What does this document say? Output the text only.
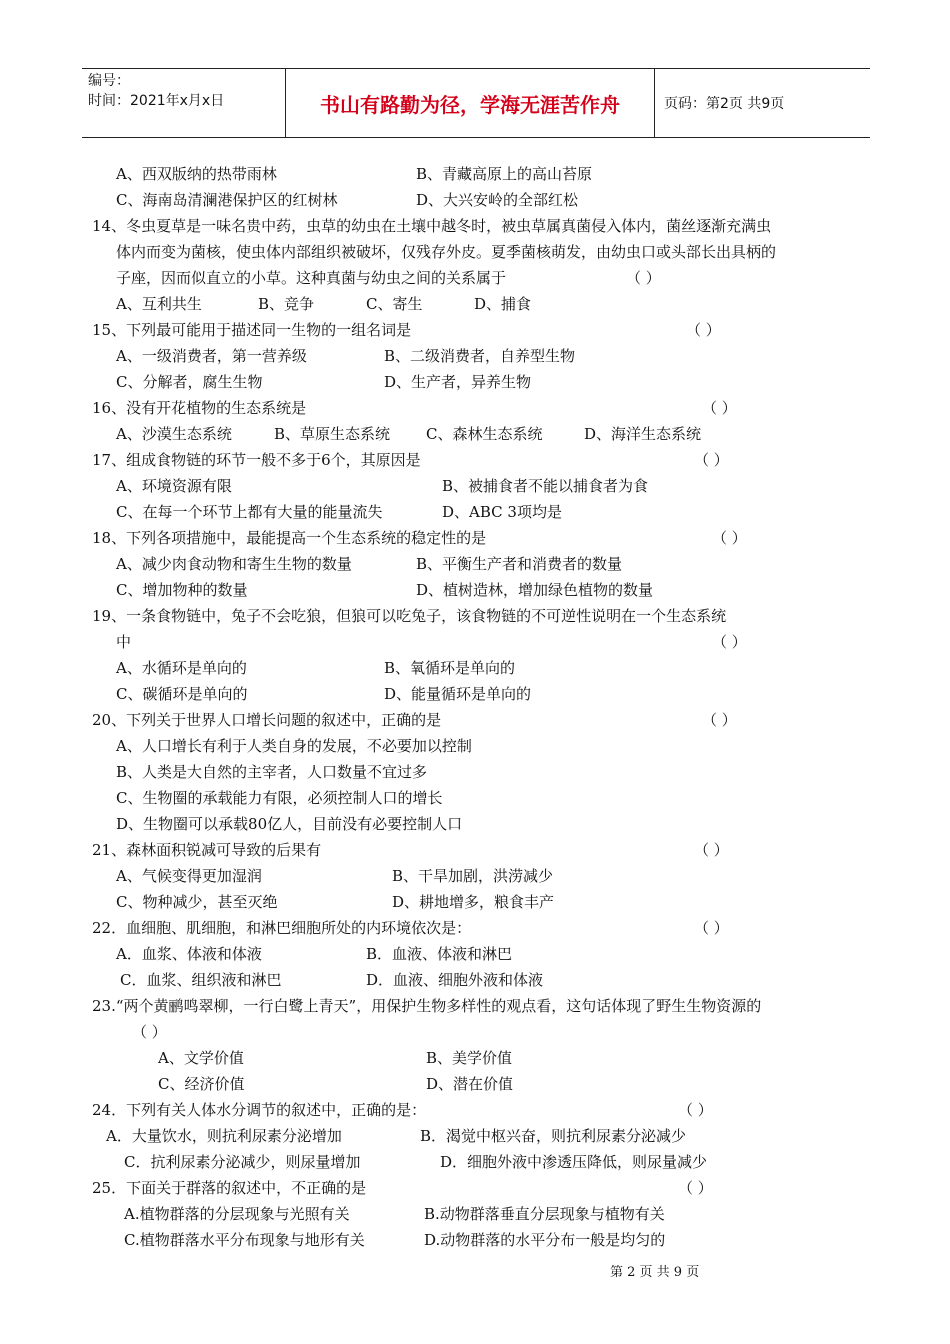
编号：
时间：2021年x月x日	书山有路勤为径，学海无涯苦作舟	页码：第2页 共9页
A、西双版纳的热带雨林	B、青藏高原上的高山苔原
C、海南岛清澜港保护区的红树林	D、大兴安岭的全部红松
14、冬虫夏草是一味名贵中药，虫草的幼虫在土壤中越冬时，被虫草属真菌侵入体内，菌丝逐渐充满虫
体内而变为菌核，使虫体内部组织被破坏，仅残存外皮。夏季菌核萌发，由幼虫口或头部长出具柄的
子座，因而似直立的小草。这种真菌与幼虫之间的关系属于	（ ）
A、互利共生	B、竞争	C、寄生	D、捕食
15、下列最可能用于描述同一生物的一组名词是	（ ）
A、一级消费者，第一营养级	B、二级消费者，自养型生物
C、分解者，腐生生物	D、生产者，异养生物
16、没有开花植物的生态系统是	（ ）
A、沙漠生态系统	B、草原生态系统 C、森林生态系统	D、海洋生态系统
17、组成食物链的环节一般不多于6个，其原因是	（ ）
A、环境资源有限	B、被捕食者不能以捕食者为食
C、在每一个环节上都有大量的能量流失	D、ABC 3项均是
18、下列各项措施中，最能提高一个生态系统的稳定性的是	（ ）
A、减少肉食动物和寄生生物的数量	B、平衡生产者和消费者的数量
C、增加物种的数量	D、植树造林，增加绿色植物的数量
19、一条食物链中，兔子不会吃狼，但狼可以吃兔子，该食物链的不可逆性说明在一个生态系统
中	（ ）
A、水循环是单向的	B、氧循环是单向的
C、碳循环是单向的	D、能量循环是单向的
20、下列关于世界人口增长问题的叙述中，正确的是	（ ）
A、人口增长有利于人类自身的发展，不必要加以控制
B、人类是大自然的主宰者，人口数量不宜过多
C、生物圈的承载能力有限，必须控制人口的增长
D、生物圈可以承载80亿人，目前没有必要控制人口
21、森林面积锐减可导致的后果有	（ ）
A、气候变得更加湿润	B、干旱加剧，洪涝减少
C、物种减少，甚至灭绝	D、耕地增多，粮食丰产
22．血细胞、肌细胞，和淋巴细胞所处的内环境依次是：	（ ）
A．血浆、体液和体液	B．血液、体液和淋巴
C．血浆、组织液和淋巴	D．血液、细胞外液和体液
23.“两个黄鹂鸣翠柳，一行白鹭上青天”，用保护生物多样性的观点看，这句话体现了野生生物资源的
（ ）
A、文学价值	B、美学价值
C、经济价值	D、潜在价值
24．下列有关人体水分调节的叙述中，正确的是：	（ ）
A．大量饮水，则抗利尿素分泌增加	B．渴觉中枢兴奋，则抗利尿素分泌减少
C．抗利尿素分泌减少，则尿量增加	D．细胞外液中渗透压降低，则尿量减少
25．下面关于群落的叙述中，不正确的是	（ ）
A.植物群落的分层现象与光照有关	B.动物群落垂直分层现象与植物有关
C.植物群落水平分布现象与地形有关	D.动物群落的水平分布一般是均匀的
第 2 页 共 9 页
